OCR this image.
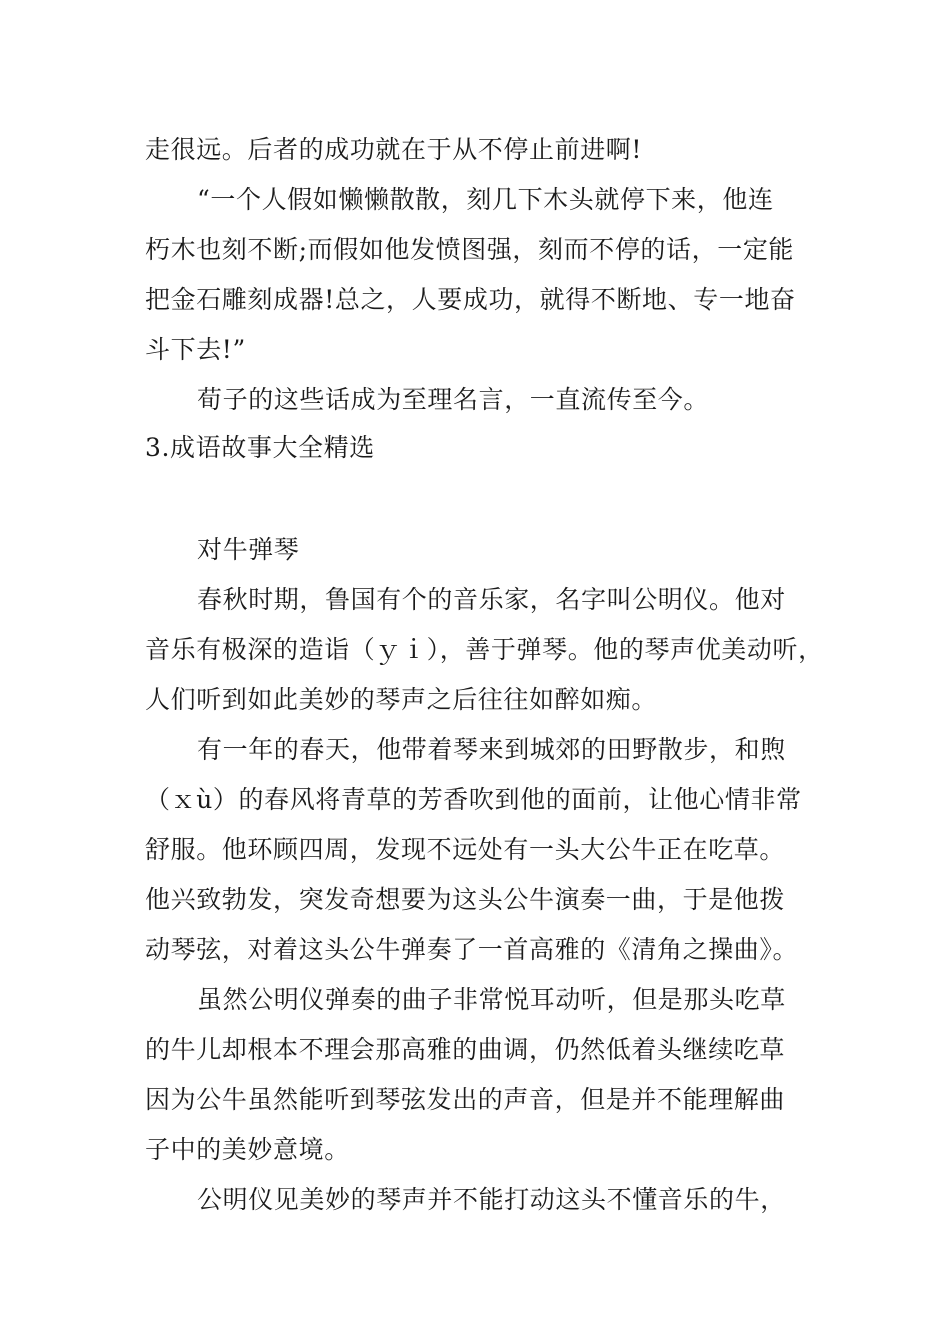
走很远。后者的成功就在于从不停止前进啊!
“一个人假如懒懒散散，刻几下木头就停下来，他连
朽木也刻不断;而假如他发愤图强，刻而不停的话，一定能
把金石雕刻成器!总之，人要成功，就得不断地、专一地奋
斗下去!”
荀子的这些话成为至理名言，一直流传至今。
3.成语故事大全精选
对牛弹琴
春秋时期，鲁国有个的音乐家，名字叫公明仪。他对
音乐有极深的造诣（ｙｉ），善于弹琴。他的琴声优美动听，
人们听到如此美妙的琴声之后往往如醉如痴。
有一年的春天，他带着琴来到城郊的田野散步，和煦
（ｘù）的春风将青草的芳香吹到他的面前，让他心情非常
舒服。他环顾四周，发现不远处有一头大公牛正在吃草。
他兴致勃发，突发奇想要为这头公牛演奏一曲，于是他拨
动琴弦，对着这头公牛弹奏了一首高雅的《清角之操曲》。
虽然公明仪弹奏的曲子非常悦耳动听，但是那头吃草
的牛儿却根本不理会那高雅的曲调，仍然低着头继续吃草
因为公牛虽然能听到琴弦发出的声音，但是并不能理解曲
子中的美妙意境。
公明仪见美妙的琴声并不能打动这头不懂音乐的牛，
